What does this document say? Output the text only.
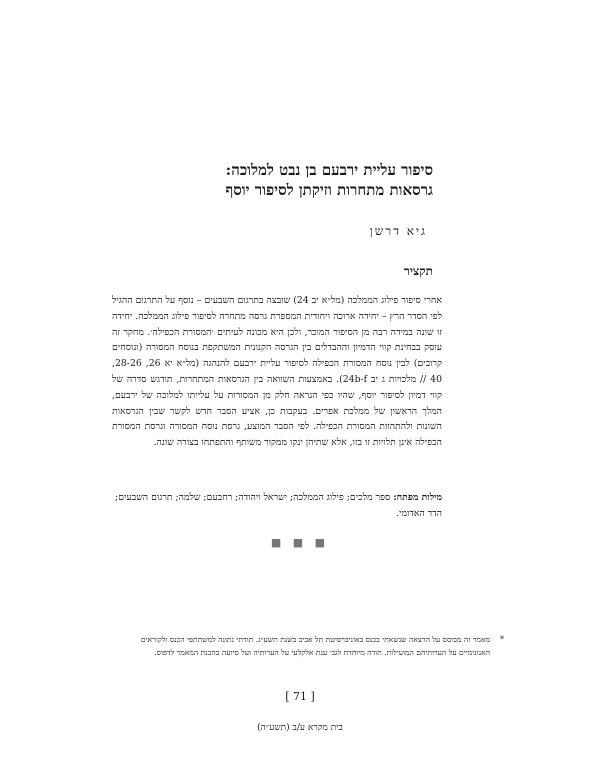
סיפור עליית ירבעם בן נבט למלוכה:
גרסאות מתחרות וזיקתן לסיפור יוסף
גיא דרשן
תקציר
אחרי סיפור פילוג הממלכה (מל״א יב 24) שובצה בתרגום השבעים – נוסף על התרגום ההגיל לפי הסדר הרץ – יחידה ארוכה ויחודית המספרת גרסה מתחרה לסיפור פילוג הממלכה. יחידה זו שונה במידה רבה מן הסיפור המוכר, ולכן היא מכונה לעיתים ׳המסורת הכפילה׳. מחקר זה עוסק בבחינת קווי הדמיון וההבדלים בין הגרסה הקנונית המשתקפת בנוסח המסורה (ונוסחים קרובים) לבין נוסח המסורת הכפילה לסיפור עליית ירבעם להנהגה (מל״א יא 26, 28-26, 40 // מלכויות ג יב 24b-f). באמצעות השוואה בין הגרסאות המתחרות, תודגש סדרה של קווי דמיון לסיפור יוסף, שהיו כפי הנראה חלק מן המסורות על עלייתו למלוכה של ירבעם, המלך הראשון של ממלכת אפרים. בעקבות כן, אציע הסבר חדש לקשר שבין הגרסאות השונות ולהתהוות המסורת הכפילה. לפי הסבר המוצע, גרסת נוסח המסורה וגרסת המסורת הכפילה אינן תלויות זו בזו, אלא שתיהן ינקו ממקור משותף והתפתחו בצורה שונה.
מילות מפתח: ספר מלכים; פילוג הממלכה; ישראל ויהודה; רחבעם; שלמה; תרגום השבעים; הדד האדומי.
■ ■ ■
*
מאמר זה מבוסס על הרצאה שנשאתי בכנס באוניברסיטת תל אביב בשנת תשע״ג. תודתי נתונה למשתתפי הכנס ולקוראים האנונימיים על הערותיהם המועילות. תודה מיוחדת לגב׳ ענת אלקלעי על הערותיה ועל סיועה בהכנת המאמר לדפוס.
[ 71 ]
בית מקרא ע/ב (תשע״ה)
